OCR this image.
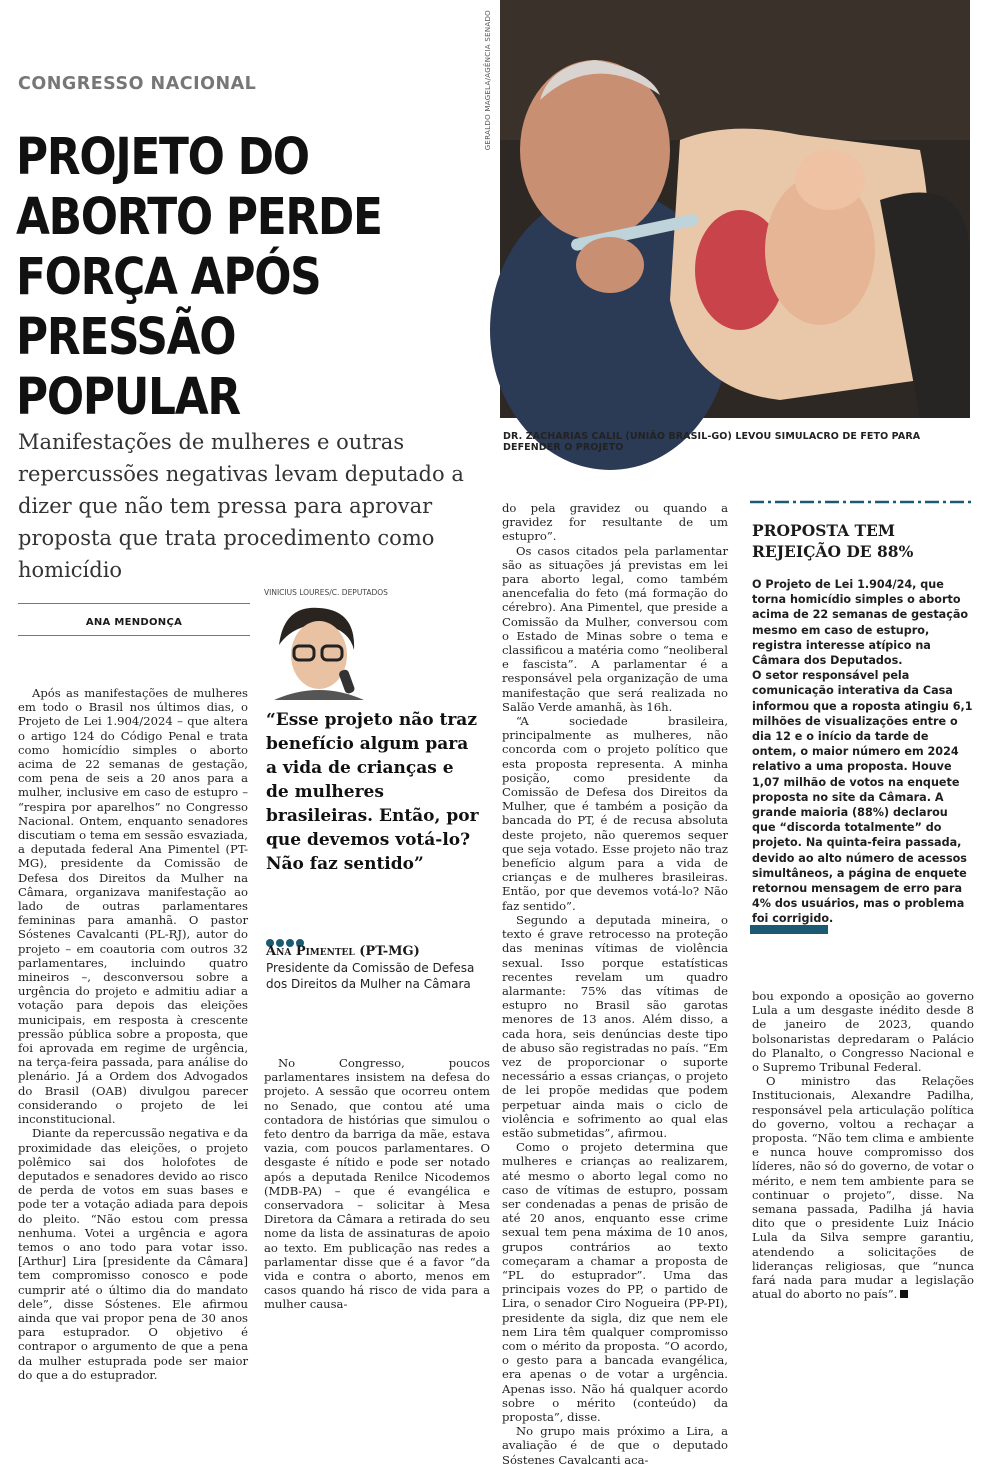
CONGRESSO NACIONAL
PROJETO DO ABORTO PERDE FORÇA APÓS PRESSÃO POPULAR

Manifestações de mulheres e outras repercussões negativas levam deputado a dizer que não tem pressa para aprovar proposta que trata procedimento como homicídio

GERALDO MAGELA/AGÊNCIA SENADO
DR. ZACHARIAS CALIL (UNIÃO BRASIL-GO) LEVOU SIMULACRO DE FETO PARA DEFENDER O PROJETO
ANA MENDONÇA

Após as manifestações de mulheres em todo o Brasil nos últimos dias, o Projeto de Lei 1.904/2024 – que altera o artigo 124 do Código Penal e trata como homicídio simples o aborto acima de 22 semanas de gestação, com pena de seis a 20 anos para a mulher, inclusive em caso de estupro – “respira por aparelhos” no Congresso Nacional. Ontem, enquanto senadores discutiam o tema em sessão esvaziada, a deputada federal Ana Pimentel (PT-MG), presidente da Comissão de Defesa dos Direitos da Mulher na Câmara, organizava manifestação ao lado de outras parlamentares femininas para amanhã. O pastor Sóstenes Cavalcanti (PL-RJ), autor do projeto – em coautoria com outros 32 parlamentares, incluindo quatro mineiros –, desconversou sobre a urgência do projeto e admitiu adiar a votação para depois das eleições municipais, em resposta à crescente pressão pública sobre a proposta, que foi aprovada em regime de urgência, na terça-feira passada, para análise do plenário. Já a Ordem dos Advogados do Brasil (OAB) divulgou parecer considerando o projeto de lei inconstitucional.

Diante da repercussão negativa e da proximidade das eleições, o projeto polêmico sai dos holofotes de deputados e senadores devido ao risco de perda de votos em suas bases e pode ter a votação adiada para depois do pleito. “Não estou com pressa nenhuma. Votei a urgência e agora temos o ano todo para votar isso. [Arthur] Lira [presidente da Câmara] tem compromisso conosco e pode cumprir até o último dia do mandato dele”, disse Sóstenes. Ele afirmou ainda que vai propor pena de 30 anos para estuprador. O objetivo é contrapor o argumento de que a pena da mulher estuprada pode ser maior do que a do estuprador.

VINICIUS LOURES/C. DEPUTADOS
“Esse projeto não traz benefício algum para a vida de crianças e de mulheres brasileiras. Então, por que devemos votá-lo? Não faz sentido”
Ana Pimentel (PT-MG)
Presidente da Comissão de Defesa dos Direitos da Mulher na Câmara

No Congresso, poucos parlamentares insistem na defesa do projeto. A sessão que ocorreu ontem no Senado, que contou até uma contadora de histórias que simulou o feto dentro da barriga da mãe, estava vazia, com poucos parlamentares. O desgaste é nítido e pode ser notado após a deputada Renilce Nicodemos (MDB-PA) – que é evangélica e conservadora – solicitar à Mesa Diretora da Câmara a retirada do seu nome da lista de assinaturas de apoio ao texto. Em publicação nas redes a parlamentar disse que é a favor “da vida e contra o aborto, menos em casos quando há risco de vida para a mulher causa-

do pela gravidez ou quando a gravidez for resultante de um estupro”.

Os casos citados pela parlamentar são as situações já previstas em lei para aborto legal, como também anencefalia do feto (má formação do cérebro). Ana Pimentel, que preside a Comissão da Mulher, conversou com o Estado de Minas sobre o tema e classificou a matéria como “neoliberal e fascista”. A parlamentar é a responsável pela organização de uma manifestação que será realizada no Salão Verde amanhã, às 16h.

“A sociedade brasileira, principalmente as mulheres, não concorda com o projeto político que esta proposta representa. A minha posição, como presidente da Comissão de Defesa dos Direitos da Mulher, que é também a posição da bancada do PT, é de recusa absoluta deste projeto, não queremos sequer que seja votado. Esse projeto não traz benefício algum para a vida de crianças e de mulheres brasileiras. Então, por que devemos votá-lo? Não faz sentido”.

Segundo a deputada mineira, o texto é grave retrocesso na proteção das meninas vítimas de violência sexual. Isso porque estatísticas recentes revelam um quadro alarmante: 75% das vítimas de estupro no Brasil são garotas menores de 13 anos. Além disso, a cada hora, seis denúncias deste tipo de abuso são registradas no país. “Em vez de proporcionar o suporte necessário a essas crianças, o projeto de lei propõe medidas que podem perpetuar ainda mais o ciclo de violência e sofrimento ao qual elas estão submetidas”, afirmou.

Como o projeto determina que mulheres e crianças ao realizarem, até mesmo o aborto legal como no caso de vítimas de estupro, possam ser condenadas a penas de prisão de até 20 anos, enquanto esse crime sexual tem pena máxima de 10 anos, grupos contrários ao texto começaram a chamar a proposta de “PL do estuprador”. Uma das principais vozes do PP, o partido de Lira, o senador Ciro Nogueira (PP-PI), presidente da sigla, diz que nem ele nem Lira têm qualquer compromisso com o mérito da proposta. “O acordo, o gesto para a bancada evangélica, era apenas o de votar a urgência. Apenas isso. Não há qualquer acordo sobre o mérito (conteúdo) da proposta”, disse.

No grupo mais próximo a Lira, a avaliação é de que o deputado Sóstenes Cavalcanti aca-

PROPOSTA TEM REJEIÇÃO DE 88%

O Projeto de Lei 1.904/24, que torna homicídio simples o aborto acima de 22 semanas de gestação mesmo em caso de estupro, registra interesse atípico na Câmara dos Deputados.

O setor responsável pela comunicação interativa da Casa informou que a roposta atingiu 6,1 milhões de visualizações entre o dia 12 e o início da tarde de ontem, o maior número em 2024 relativo a uma proposta. Houve 1,07 milhão de votos na enquete proposta no site da Câmara. A grande maioria (88%) declarou que “discorda totalmente” do projeto. Na quinta-feira passada, devido ao alto número de acessos simultâneos, a página de enquete retornou mensagem de erro para 4% dos usuários, mas o problema foi corrigido.

bou expondo a oposição ao governo Lula a um desgaste inédito desde 8 de janeiro de 2023, quando bolsonaristas depredaram o Palácio do Planalto, o Congresso Nacional e o Supremo Tribunal Federal.

O ministro das Relações Institucionais, Alexandre Padilha, responsável pela articulação política do governo, voltou a rechaçar a proposta. “Não tem clima e ambiente e nunca houve compromisso dos líderes, não só do governo, de votar o mérito, e nem tem ambiente para se continuar o projeto”, disse. Na semana passada, Padilha já havia dito que o presidente Luiz Inácio Lula da Silva sempre garantiu, atendendo a solicitações de lideranças religiosas, que “nunca fará nada para mudar a legislação atual do aborto no país”.
